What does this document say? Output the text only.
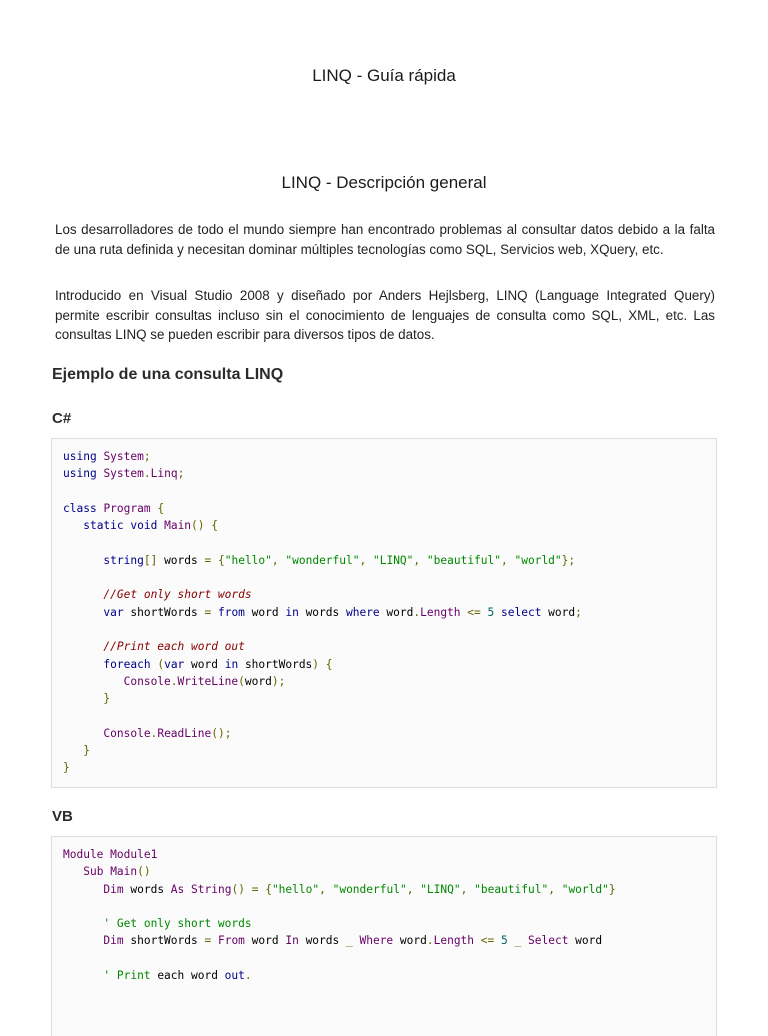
LINQ - Guía rápida
LINQ - Descripción general

Los desarrolladores de todo el mundo siempre han encontrado problemas al consultar datos debido a la falta de una ruta definida y necesitan dominar múltiples tecnologías como SQL, Servicios web, XQuery, etc.

Introducido en Visual Studio 2008 y diseñado por Anders Hejlsberg, LINQ (Language Integrated Query) permite escribir consultas incluso sin el conocimiento de lenguajes de consulta como SQL, XML, etc. Las consultas LINQ se pueden escribir para diversos tipos de datos.

Ejemplo de una consulta LINQ
C#
using System;
using System.Linq;

class Program {
static void Main() {

string[] words = {"hello", "wonderful", "LINQ", "beautiful", "world"};

//Get only short words
var shortWords = from word in words where word.Length <= 5 select word;

//Print each word out
foreach (var word in shortWords) {
Console.WriteLine(word);
}

Console.ReadLine();
}
}
VB
Module Module1
Sub Main()
Dim words As String() = {"hello", "wonderful", "LINQ", "beautiful", "world"}

' Get only short words
Dim shortWords = From word In words _ Where word.Length <= 5 _ Select word

' Print each word out.
